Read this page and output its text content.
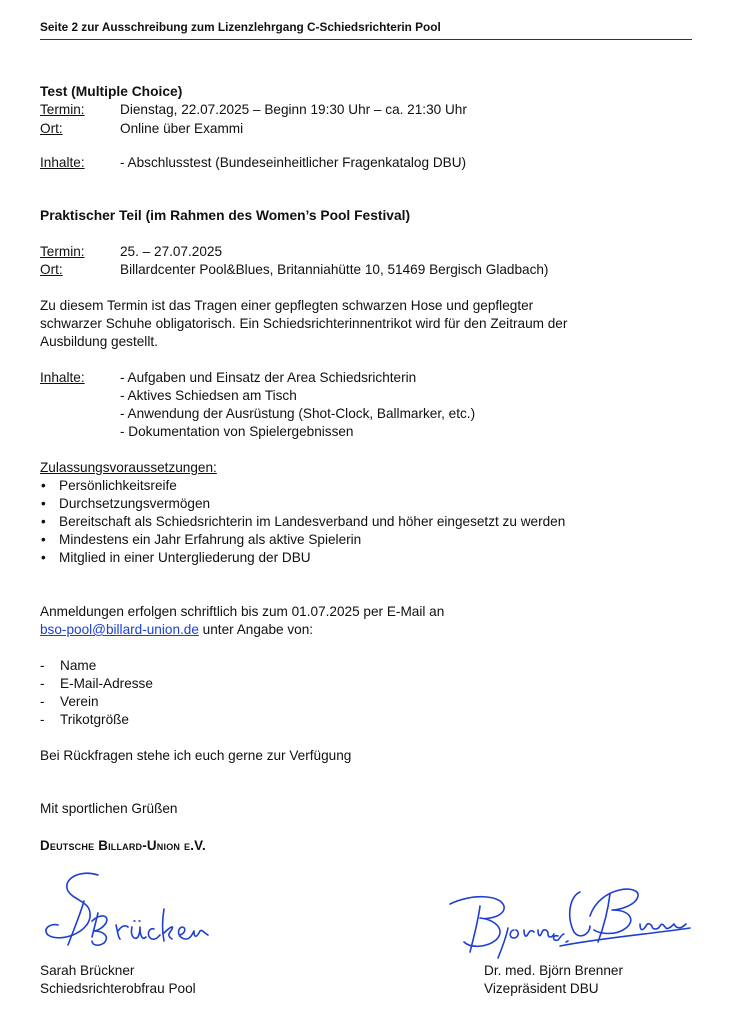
Seite 2 zur Ausschreibung zum Lizenzlehrgang C-Schiedsrichterin Pool
Test (Multiple Choice)
Termin:	Dienstag, 22.07.2025 – Beginn 19:30 Uhr – ca. 21:30 Uhr
Ort:	Online über Exammi
Inhalte:	- Abschlusstest (Bundeseinheitlicher Fragenkatalog DBU)
Praktischer Teil (im Rahmen des Women’s Pool Festival)
Termin:	25. – 27.07.2025
Ort:	Billardcenter Pool&Blues, Britanniahütte 10, 51469 Bergisch Gladbach)
Zu diesem Termin ist das Tragen einer gepflegten schwarzen Hose und gepflegter
schwarzer Schuhe obligatorisch. Ein Schiedsrichterinnentrikot wird für den Zeitraum der
Ausbildung gestellt.
Inhalte:	- Aufgaben und Einsatz der Area Schiedsrichterin
- Aktives Schiedsen am Tisch
- Anwendung der Ausrüstung (Shot-Clock, Ballmarker, etc.)
- Dokumentation von Spielergebnissen
Zulassungsvoraussetzungen:
• Persönlichkeitsreife
• Durchsetzungsvermögen
• Bereitschaft als Schiedsrichterin im Landesverband und höher eingesetzt zu werden
• Mindestens ein Jahr Erfahrung als aktive Spielerin
• Mitglied in einer Untergliederung der DBU
Anmeldungen erfolgen schriftlich bis zum 01.07.2025 per E-Mail an
bso-pool@billard-union.de unter Angabe von:
- Name
- E-Mail-Adresse
- Verein
- Trikotgröße
Bei Rückfragen stehe ich euch gerne zur Verfügung
Mit sportlichen Grüßen
Deutsche Billard-Union e.V.
Sarah Brückner
Schiedsrichterobfrau Pool
Dr. med. Björn Brenner
Vizepräsident DBU
